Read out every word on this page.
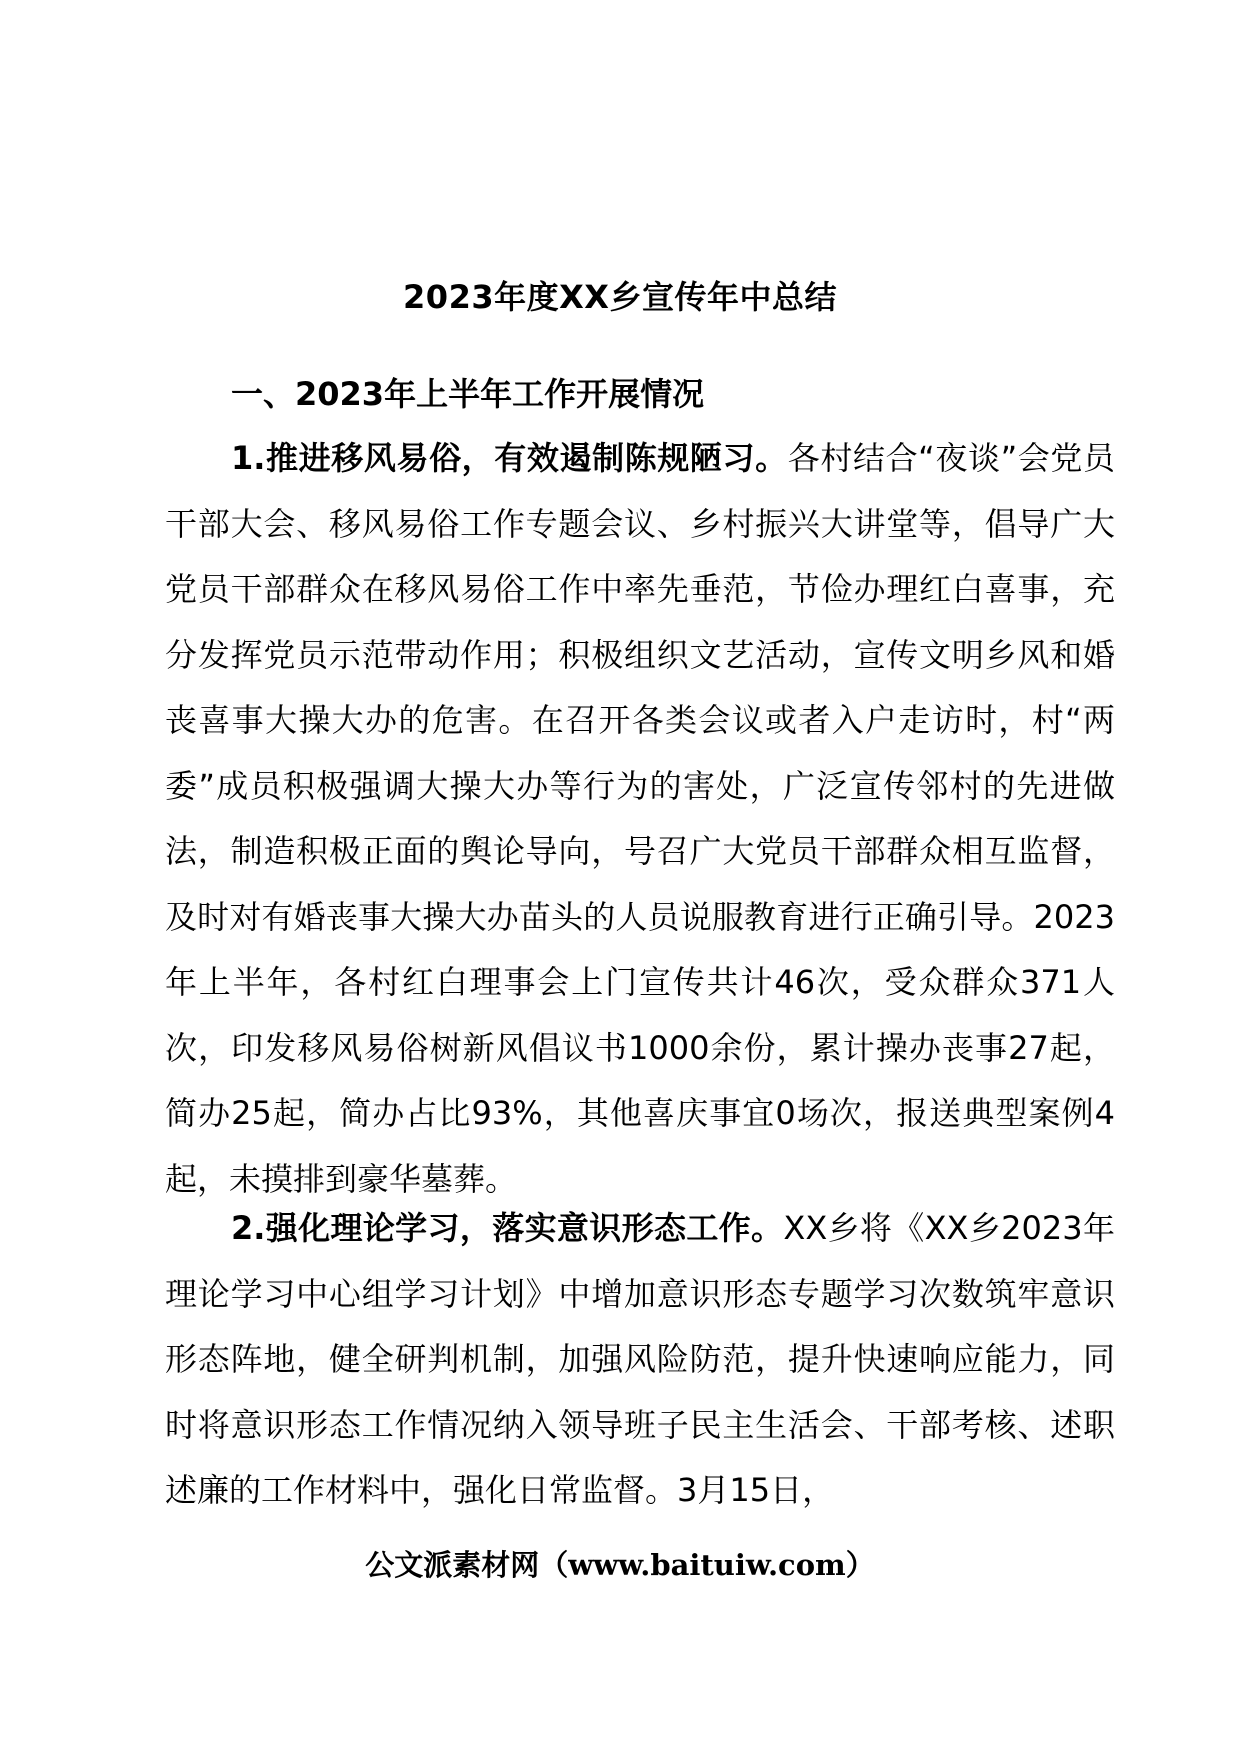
2023年度XX乡宣传年中总结
一、2023年上半年工作开展情况

1.推进移风易俗，有效遏制陈规陋习。各村结合“夜谈”会党员干部大会、移风易俗工作专题会议、乡村振兴大讲堂等，倡导广大党员干部群众在移风易俗工作中率先垂范，节俭办理红白喜事，充分发挥党员示范带动作用；积极组织文艺活动，宣传文明乡风和婚丧喜事大操大办的危害。在召开各类会议或者入户走访时，村“两委”成员积极强调大操大办等行为的害处，广泛宣传邻村的先进做法，制造积极正面的舆论导向，号召广大党员干部群众相互监督，及时对有婚丧事大操大办苗头的人员说服教育进行正确引导。2023年上半年，各村红白理事会上门宣传共计46次，受众群众371人次，印发移风易俗树新风倡议书1000余份，累计操办丧事27起，简办25起，简办占比93%，其他喜庆事宜0场次，报送典型案例4起，未摸排到豪华墓葬。

2.强化理论学习，落实意识形态工作。XX乡将《XX乡2023年理论学习中心组学习计划》中增加意识形态专题学习次数筑牢意识形态阵地，健全研判机制，加强风险防范，提升快速响应能力，同时将意识形态工作情况纳入领导班子民主生活会、干部考核、述职述廉的工作材料中，强化日常监督。3月15日，

公文派素材网（www.baituiw.com）
